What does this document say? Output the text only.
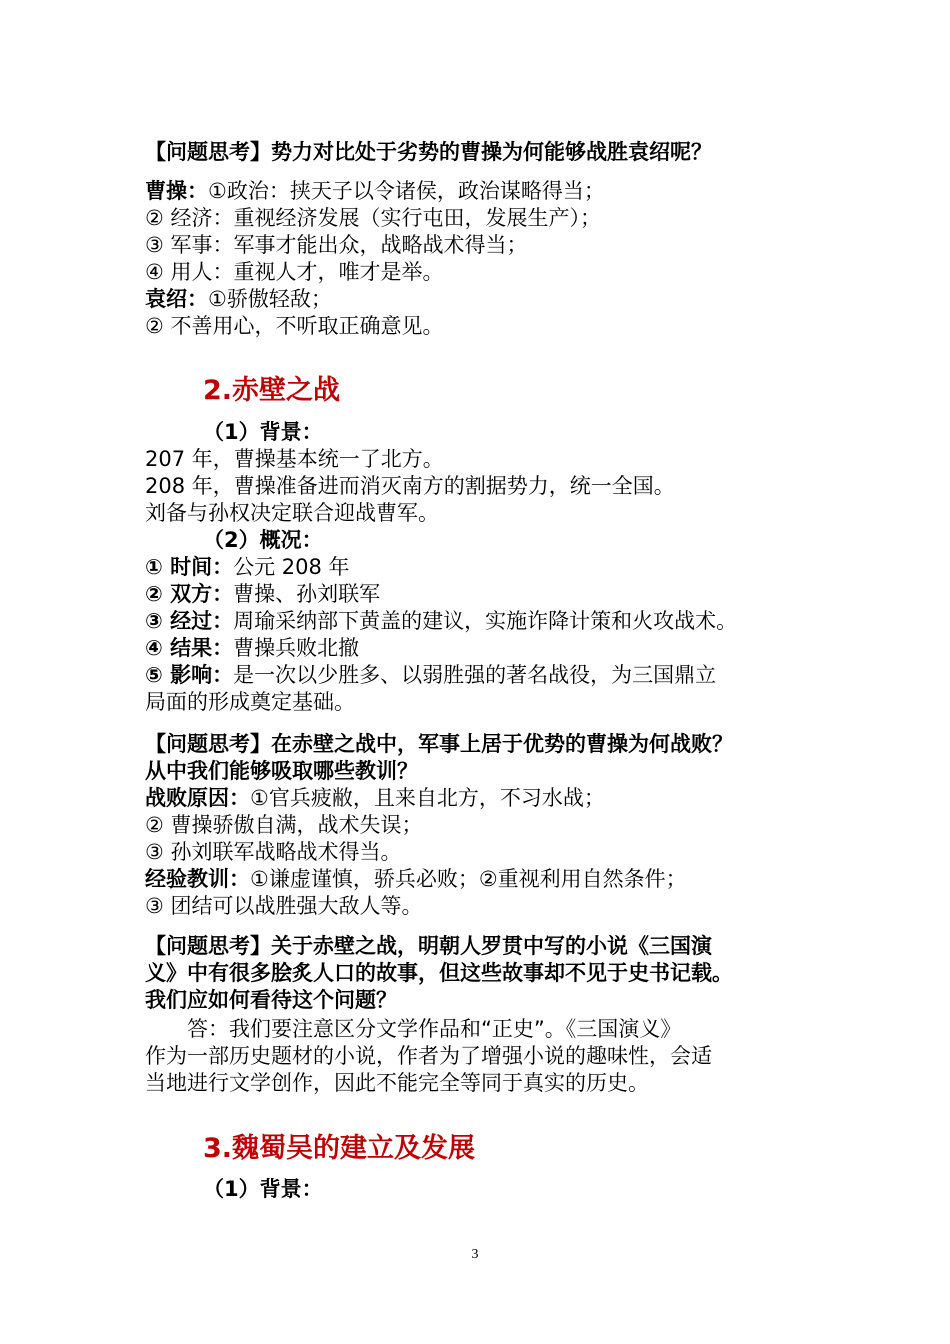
【问题思考】势力对比处于劣势的曹操为何能够战胜袁绍呢？
曹操：①政治：挟天子以令诸侯，政治谋略得当；
② 经济：重视经济发展（实行屯田，发展生产）；
③ 军事：军事才能出众，战略战术得当；
④ 用人：重视人才，唯才是举。
袁绍：①骄傲轻敌；
② 不善用心，不听取正确意见。
2.赤壁之战
（1）背景：
207 年，曹操基本统一了北方。
208 年，曹操准备进而消灭南方的割据势力，统一全国。
刘备与孙权决定联合迎战曹军。
（2）概况：
① 时间：公元 208 年
② 双方：曹操、孙刘联军
③ 经过：周瑜采纳部下黄盖的建议，实施诈降计策和火攻战术。
④ 结果：曹操兵败北撤
⑤ 影响：是一次以少胜多、以弱胜强的著名战役，为三国鼎立
局面的形成奠定基础。
【问题思考】在赤壁之战中，军事上居于优势的曹操为何战败？
从中我们能够吸取哪些教训？
战败原因：①官兵疲敝，且来自北方，不习水战；
② 曹操骄傲自满，战术失误；
③ 孙刘联军战略战术得当。
经验教训：①谦虚谨慎，骄兵必败；②重视利用自然条件；
③ 团结可以战胜强大敌人等。
【问题思考】关于赤壁之战，明朝人罗贯中写的小说《三国演
义》中有很多脍炙人口的故事，但这些故事却不见于史书记载。
我们应如何看待这个问题？
答：我们要注意区分文学作品和“正史”。《三国演义》
作为一部历史题材的小说，作者为了增强小说的趣味性，会适
当地进行文学创作，因此不能完全等同于真实的历史。
3.魏蜀吴的建立及发展
（1）背景：
3
